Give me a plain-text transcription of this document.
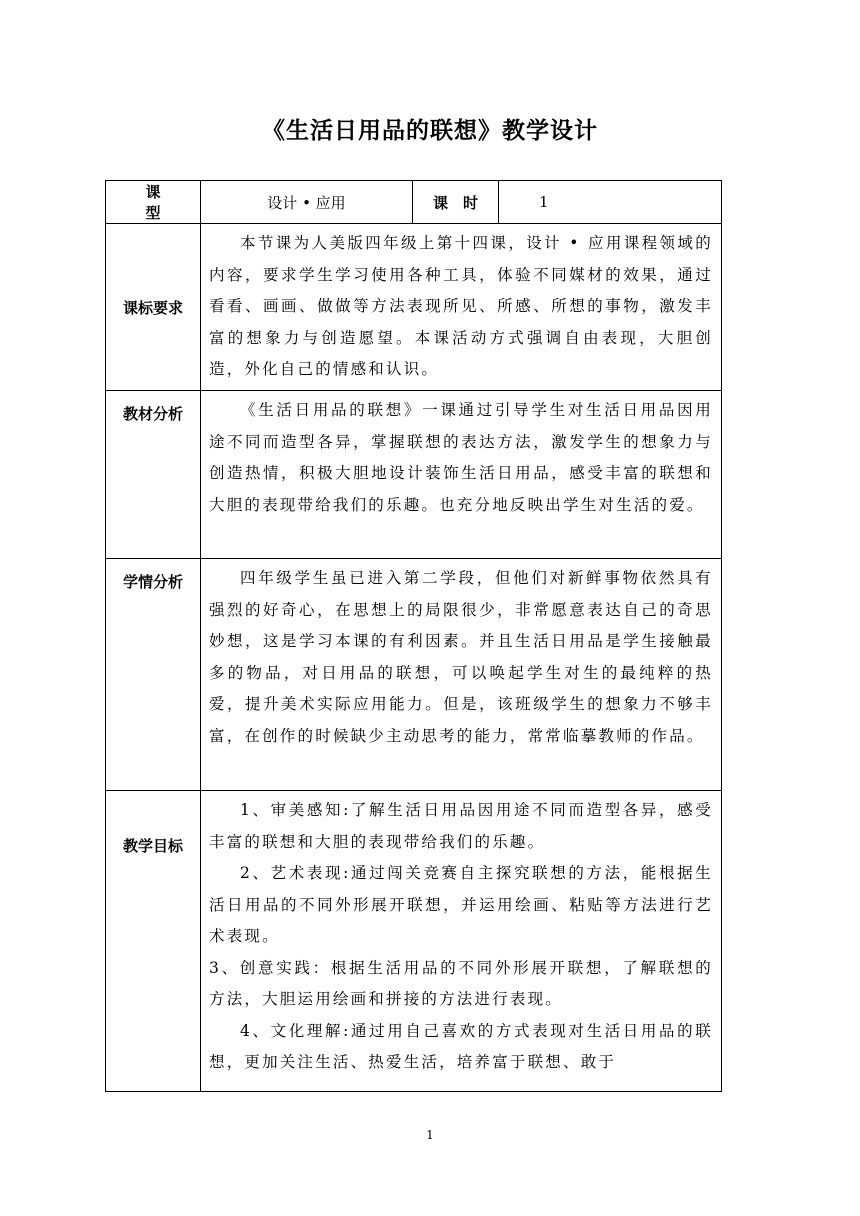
《生活日用品的联想》教学设计
课　　型	设计 • 应用	课　时	1
课标要求	本节课为人美版四年级上第十四课，设计 • 应用课程领域的内容，要求学生学习使用各种工具，体验不同媒材的效果，通过看看、画画、做做等方法表现所见、所感、所想的事物，激发丰富的想象力与创造愿望。本课活动方式强调自由表现，大胆创造，外化自己的情感和认识。		

教材分析	《生活日用品的联想》一课通过引导学生对生活日用品因用途不同而造型各异，掌握联想的表达方法，激发学生的想象力与创造热情，积极大胆地设计装饰生活日用品，感受丰富的联想和大胆的表现带给我们的乐趣。也充分地反映出学生对生活的爱。		

学情分析	四年级学生虽已进入第二学段，但他们对新鲜事物依然具有强烈的好奇心，在思想上的局限很少，非常愿意表达自己的奇思妙想，这是学习本课的有利因素。并且生活日用品是学生接触最多的物品，对日用品的联想，可以唤起学生对生的最纯粹的热爱，提升美术实际应用能力。但是，该班级学生的想象力不够丰富，在创作的时候缺少主动思考的能力，常常临摹教师的作品。		

教学目标	1、审美感知:了解生活日用品因用途不同而造型各异，感受丰富的联想和大胆的表现带给我们的乐趣。

2、艺术表现:通过闯关竞赛自主探究联想的方法，能根据生活日用品的不同外形展开联想，并运用绘画、粘贴等方法进行艺术表现。

3、创意实践：根据生活用品的不同外形展开联想，了解联想的方法，大胆运用绘画和拼接的方法进行表现。

4、文化理解:通过用自己喜欢的方式表现对生活日用品的联想，更加关注生活、热爱生活，培养富于联想、敢于		

1
